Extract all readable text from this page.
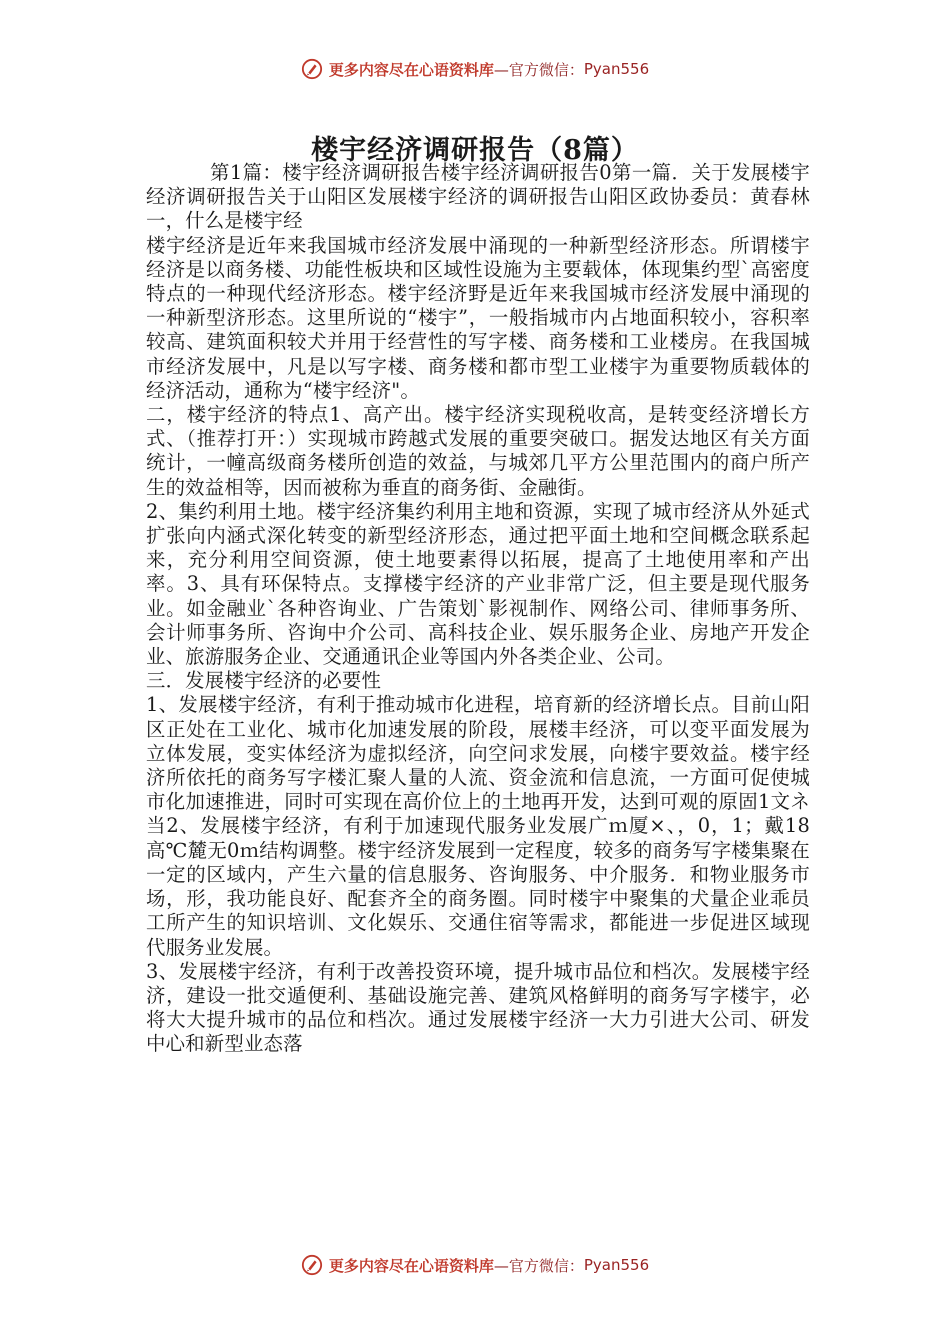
更多内容尽在心语资料库 —官方微信： Pyan556
楼宇经济调研报告（8篇）

第1篇：楼宇经济调研报告楼宇经济调研报告0第一篇．关于发展楼宇经济调研报告关于山阳区发展楼宇经济的调研报告山阳区政协委员：黄春林一，什么是楼宇经

楼宇经济是近年来我国城市经济发展中涌现的一种新型经济形态。所谓楼宇经济是以商务楼、功能性板块和区域性设施为主要载体，体现集约型`高密度特点的一种现代经济形态。楼宇经济野是近年来我国城市经济发展中涌现的一种新型济形态。这里所说的“楼宇”，一般指城市内占地面积较小，容积率较高、建筑面积较犬并用于经营性的写字楼、商务楼和工业楼房。在我国城市经济发展中，凡是以写字楼、商务楼和都市型工业楼宇为重要物质载体的经济活动，通称为“楼宇经济"。

二，楼宇经济的特点1、高产出。楼宇经济实现税收高，是转变经济增长方式、（推荐打开：）实现城市跨越式发展的重要突破口。据发达地区有关方面统计，一幢高级商务楼所创造的效益，与城郊几平方公里范围内的商户所产生的效益相等，因而被称为垂直的商务街、金融街。

2、集约利用土地。楼宇经济集约利用主地和资源，实现了城市经济从外延式扩张向内涵式深化转变的新型经济形态，通过把平面土地和空间概念联系起来，充分利用空间资源，使土地要素得以拓展，提高了土地使用率和产出率。3、具有环保特点。支撑楼宇经济的产业非常广泛，但主要是现代服务业。如金融业`各种咨询业、广告策划`影视制作、网络公司、律师事务所、会计师事务所、咨询中介公司、高科技企业、娱乐服务企业、房地产开发企业、旅游服务企业、交通通讯企业等国内外各类企业、公司。

三．发展楼宇经济的必要性

1、发展楼宇经济，有利于推动城市化进程，培育新的经济增长点。目前山阳区正处在工业化、城市化加速发展的阶段，展楼丰经济，可以变平面发展为立体发展，变实体经济为虚拟经济，向空问求发展，向楼宇要效益。楼宇经济所依托的商务写字楼汇聚人量的人流、资金流和信息流，一方面可促使城市化加速推进，同时可实现在高价位上的土地再开发，达到可观的原固1文ネ当2、发展楼宇经济，有利于加速现代服务业发展广ｍ厦×、，0，1；戴18高℃麓无0ｍ结构调整。楼宇经济发展到一定程度，较多的商务写字楼集聚在一定的区域内，产生六量的信息服务、咨询服务、中介服务．和物业服务市场，形，我功能良好、配套齐全的商务圈。同时楼宇中聚集的犬量企业乖员工所产生的知识培训、文化娱乐、交通住宿等需求，都能进一步促进区域现代服务业发展。

3、发展楼宇经济，有利于改善投资环境，提升城市品位和档次。发展楼宇经济，建设一批交遁便利、基础设施完善、建筑风格鲜明的商务写字楼宇，必将大大提升城市的品位和档次。通过发展楼宇经济一大力引进大公司、研发中心和新型业态落

更多内容尽在心语资料库 —官方微信： Pyan556
